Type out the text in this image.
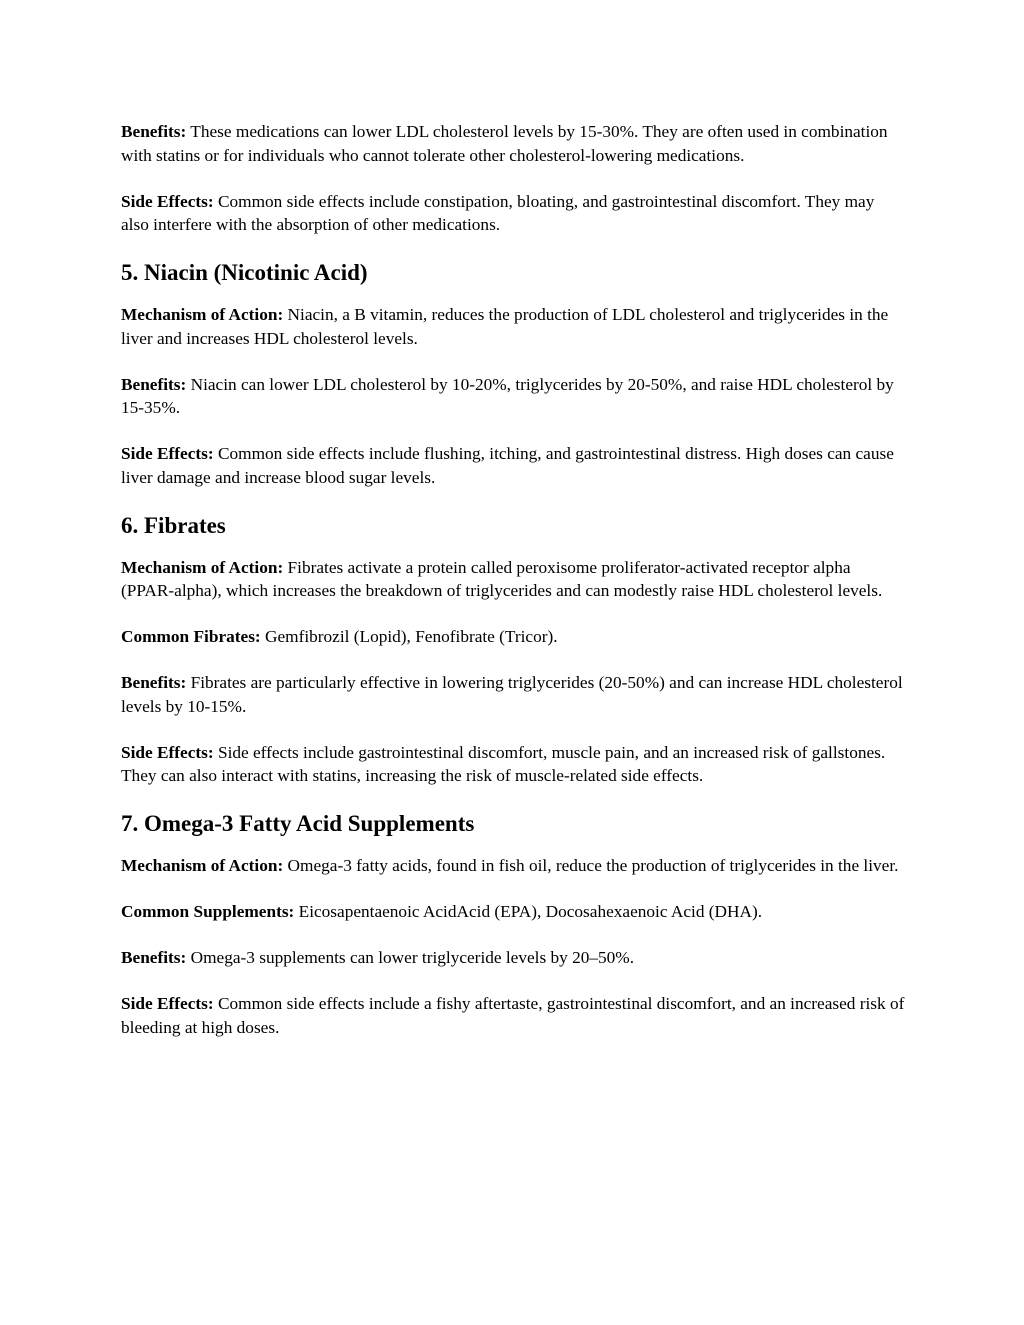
Benefits: These medications can lower LDL cholesterol levels by 15-30%. They are often used in combination with statins or for individuals who cannot tolerate other cholesterol-lowering medications.

Side Effects: Common side effects include constipation, bloating, and gastrointestinal discomfort. They may also interfere with the absorption of other medications.

5. Niacin (Nicotinic Acid)

Mechanism of Action: Niacin, a B vitamin, reduces the production of LDL cholesterol and triglycerides in the liver and increases HDL cholesterol levels.

Benefits: Niacin can lower LDL cholesterol by 10-20%, triglycerides by 20-50%, and raise HDL cholesterol by 15-35%.

Side Effects: Common side effects include flushing, itching, and gastrointestinal distress. High doses can cause liver damage and increase blood sugar levels.

6. Fibrates

Mechanism of Action: Fibrates activate a protein called peroxisome proliferator-activated receptor alpha (PPAR-alpha), which increases the breakdown of triglycerides and can modestly raise HDL cholesterol levels.

Common Fibrates: Gemfibrozil (Lopid), Fenofibrate (Tricor).

Benefits: Fibrates are particularly effective in lowering triglycerides (20-50%) and can increase HDL cholesterol levels by 10-15%.

Side Effects: Side effects include gastrointestinal discomfort, muscle pain, and an increased risk of gallstones. They can also interact with statins, increasing the risk of muscle-related side effects.

7. Omega-3 Fatty Acid Supplements

Mechanism of Action: Omega-3 fatty acids, found in fish oil, reduce the production of triglycerides in the liver.

Common Supplements: Eicosapentaenoic AcidAcid (EPA), Docosahexaenoic Acid (DHA).

Benefits: Omega-3 supplements can lower triglyceride levels by 20–50%.

Side Effects: Common side effects include a fishy aftertaste, gastrointestinal discomfort, and an increased risk of bleeding at high doses.
